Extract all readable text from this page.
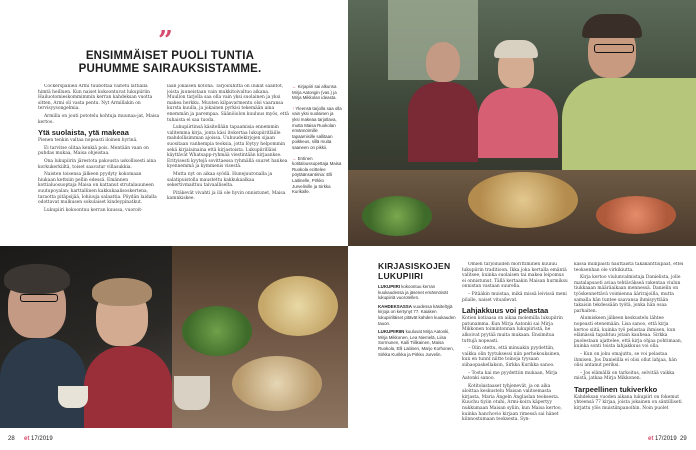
”
ENSIMMÄISET PUOLI TUNTIA
PUHUMME SAIRAUKSISTAMME.

Cockerspanieli Armi tuubottaa vaitetu lattialla himtä heilluen. Kun naiset kokoontuvat lukupiiriin Hailuotomieskommimmin kerran kahdeksan vuotta sitten, Armi oli vasta pentu. Nyt Armillakin on tervisyysongelmia.

Armilla on jouti pototelu kohtuja muunaa-jat, Maisa kertoo.

Ytä suolaista, ytä makeaa

Pienen tenkin valtaa nopeasti iloinen hyrinä.

Ei tarvitse olitaa kenkiä pois. Mentään vaan on puhdas mukaa, Maisa ohjeistaa.

Ona lukupiirin järestota pakousta uskollisesti aina korkukerkiiltä, toiset saavatur villasukkia.

Naisten toisensa jälkeen pyydyty kokomaan hiukaan kettsiin pellin edessä. Emännen kottialuosuoptaja Maisa on kattanut strutalauuneen suutupoyalan; karttallinen kakkukaalisoskertena, taraotta pitäpsijää, lohiuuja salaattia. Pöydän laidalla odottavat mulkusen sokulaiset kindeypinatkut.

Lukupiiri kokoontuu kerran kuussa, vuoroit-

laan jokaisen kotona. Tarjoiluhitta on ilukat sääntöt, joista juuneistaan vain mukkitoivaltuo aikana. Muullon tarjolla saa olla vain yksi suolainen ja yksi makea herkku. Muuten kilpavarmentu olsi vaaransa kursta kuulla, ja jokainen pyrkisi tekemään aina enemmän ja parempaa. Säänöiolon kuuluus myös, että tuhaista ei saa tuoda.

Lukupiirtinsä käsitellään tapaamisia ennemmin valitemma kirja, jonta käsi itokertaa lukupiiritläille mahdollisimman ajoissa. Uuhuudekirjojen sijaan suositaan vanhempia teoksia, jotta löytyy helpommin sekä kirjalainaina että kirjastoista. Lukupiirilläisi käyttävät Whatsapp-ryhmää viestintään kirjaankse. Erityisesti kyytejä sovittaessa ryhmällä suuret hankea kyennemmä ja kymmenis visestä.

Mutta nyt on aikaa syödä. Hunejuuronalla ja salatipuistolla maustettu kakkukaalkaa sekertivmaittuu taivaalliselta.

Pitäkevät vivahti ja ilä ole hyvin onnistunet, Maisa kamnkiskee.

← Kirjapiiri sai alkunsa Mirja Aatongin (vas.) ja Mirja Mikkolan ideasta.
↑ Yleensä tarjolla saa olla vain yksi suolainen ja yksi makeaa tarjotlava, mutta Maisa Ruokolan emännöimille tapaamisille sallitaan poikkeus, sillä muita saaneen on pikkii.
→ Entinen kotitaloussopettaja Maisa Ruokola ecittelee pöytäänsantimia: Elli Laitinelle, Pirkko Jurvelinille ja Sirkka Kurikalle.
KIRJASISKOJEN
LUKUPIIRI

LUKUPIIRI kokoontuu kerran kuukaudessa ja jäsenet emännöivät lukupiiriä vuorotellen.

KAHDEKSASSA vuodessa käsiteltyjä kirjoja on kertynyt 77. Kaiaken lukupiiriläiset pitävät kahden kuukauden tauon.

LUKUPIIRIIN kuuluvat Mirja Aatonki, Mirja Mikkonen, Lea Niemelä, Liisa Sormunen, Kaili Tiilikainen, Maisa Ruokola, Elli Laitinen, Marjo Korhonen, Sirkka Kurikka ja Pirkko Jurvelin.

Omien tarjoiluiden morittiminen kuuluu lukupiirin traditioon. Ikka joka kertalla emäntä valitsee, kuinka suolaisen tai makea leipomus ei onnistunut. Tällä kertaakin Maisan hurmiksu onnistan vastaan suurella.

– Pitääkin muistaa, mikä missä leivissä meni pilalle, naiset vitsailevat.

Lahjakkuus voi pelastaa

Kotien kotiaasa on aikaa molemilla lukupiirin patunamma. Kun Mirja Aatonki sai Mirja Mikkonen toimintonnan lukupiiristä, he alkoivat pyytää muita mukaan. Ensimitua tuttujä nopeasti.

– Olin otettu, että minuakin pyydettiin, vaikka olin tyytuksessi niin perhekouksinen, kun en tunnt niitte toinoja tyysaan siihaopaskellaksin, Sirkka Kurikka sanoo.

– Tosta kai me pyydettiin mukaan, Mirja Aatonki sanoo.

Kotitolastaaset tyhjenevät, ja on aika aloittaa keskustelu Maisan valitsemasta kirjasta, Maria Ängeln Änglaslan teoksesta. Kuuchu tiyiin otuhi, Armi-koira käpertyy nukkumaan Maisan syliin, kun Maisa kertoo, kuinka hanchovio kirjaan rimessä sai hänet kiinnostumaan teoksesta. Syn-

kässä millipaisti hauttaista takakanttiupaat, ettei teoksenhan ole virkikiutta.

Kirja kertoo viulunvalmistaja Danielista, jolle matalapsaoti aviaa tehtäväkseä rakentaa viulun tiukkaaan määräaikaan mennessä. Danielin on työskennettävä voimienna äärirajoilla, mutta samalla hän tuntee saavansa ihmisyyttään takaisin tekdessään työtä, jonka hän osaa parhaiten.

Alumiskeen jälkeen keskustelu lähtee nopeasti etenemään. Lisa sanoo, että kirja kertoo siitä, kuinka työ pelastaa ihmisen, kun elämässä tapahtuu jotain kauheaa. Sirkka puolestaan ajattelee, että kirja ohjaa pohtimaan, kuinka sonti toista lahjakkuus voi olla.

– Kun on joku omajuttu, se voi pelastaa ihmisen. Jos Danielilla ei olisi ollut lahjaa, hän olisi antanut periksi.

– Jos elämällä on tarkoitus, selvitää vaikka mistä, jatkaa Mirja Mikkonen.

Tarpeellinen tukiverkko

Kahdeksan vuoden aikana lukupiiri on fokemut yhteensä 77 kirjaa, joista jokainen on säntilliseti kirjattu ylös muistiinpanoihin. Noin puolet

28 et 17/2019	et 17/2019 29
